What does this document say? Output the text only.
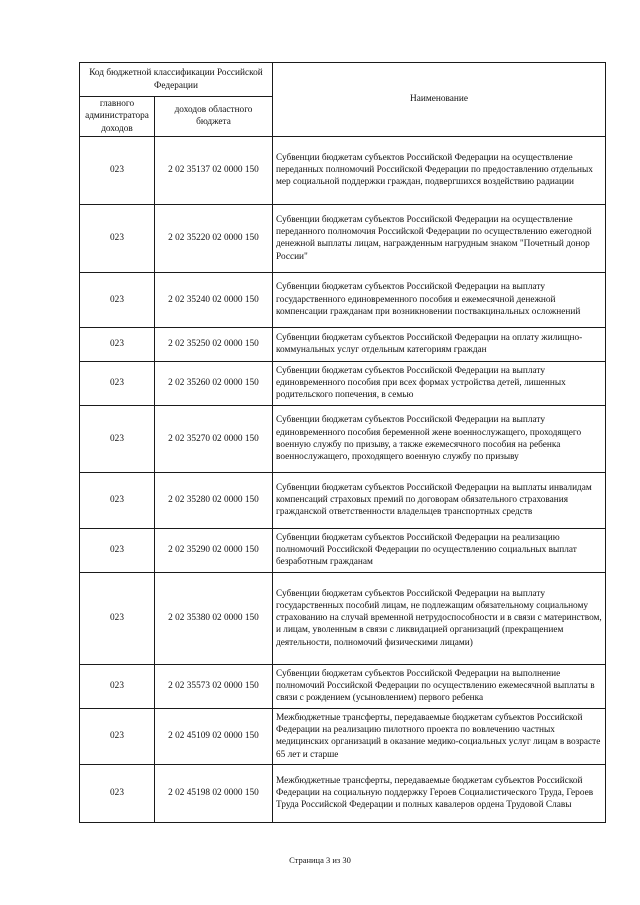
Код бюджетной классификации Российской Федерации		Наименование
главного администратора доходов	доходов областного бюджета	
023	2 02 35137 02 0000 150	Субвенции бюджетам субъектов Российской Федерации на осуществление переданных полномочий Российской Федерации по предоставлению отдельных мер социальной поддержки граждан, подвергшихся воздействию радиации
023	2 02 35220 02 0000 150	Субвенции бюджетам субъектов Российской Федерации на осуществление переданного полномочия Российской Федерации по осуществлению ежегодной денежной выплаты лицам, награжденным нагрудным знаком "Почетный донор России"
023	2 02 35240 02 0000 150	Субвенции бюджетам субъектов Российской Федерации на выплату государственного единовременного пособия и ежемесячной денежной компенсации гражданам при возникновении поствакцинальных осложнений
023	2 02 35250 02 0000 150	Субвенции бюджетам субъектов Российской Федерации на оплату жилищно-коммунальных услуг отдельным категориям граждан
023	2 02 35260 02 0000 150	Субвенции бюджетам субъектов Российской Федерации на выплату единовременного пособия при всех формах устройства детей, лишенных родительского попечения, в семью
023	2 02 35270 02 0000 150	Субвенции бюджетам субъектов Российской Федерации на выплату единовременного пособия беременной жене военнослужащего, проходящего военную службу по призыву, а также ежемесячного пособия на ребенка военнослужащего, проходящего военную службу по призыву
023	2 02 35280 02 0000 150	Субвенции бюджетам субъектов Российской Федерации на выплаты инвалидам компенсаций страховых премий по договорам обязательного страхования гражданской ответственности владельцев транспортных средств
023	2 02 35290 02 0000 150	Субвенции бюджетам субъектов Российской Федерации на реализацию полномочий Российской Федерации по осуществлению социальных выплат безработным гражданам
023	2 02 35380 02 0000 150	Субвенции бюджетам субъектов Российской Федерации на выплату государственных пособий лицам, не подлежащим обязательному социальному страхованию на случай временной нетрудоспособности и в связи с материнством, и лицам, уволенным в связи с ликвидацией организаций (прекращением деятельности, полномочий физическими лицами)
023	2 02 35573 02 0000 150	Субвенции бюджетам субъектов Российской Федерации на выполнение полномочий Российской Федерации по осуществлению ежемесячной выплаты в связи с рождением (усыновлением) первого ребенка
023	2 02 45109 02 0000 150	Межбюджетные трансферты, передаваемые бюджетам субъектов Российской Федерации на реализацию пилотного проекта по вовлечению частных медицинских организаций в оказание медико-социальных услуг лицам в возрасте 65 лет и старше
023	2 02 45198 02 0000 150	Межбюджетные трансферты, передаваемые бюджетам субъектов Российской Федерации на социальную поддержку Героев Социалистического Труда, Героев Труда Российской Федерации и полных кавалеров ордена Трудовой Славы
Страница 3 из 30
